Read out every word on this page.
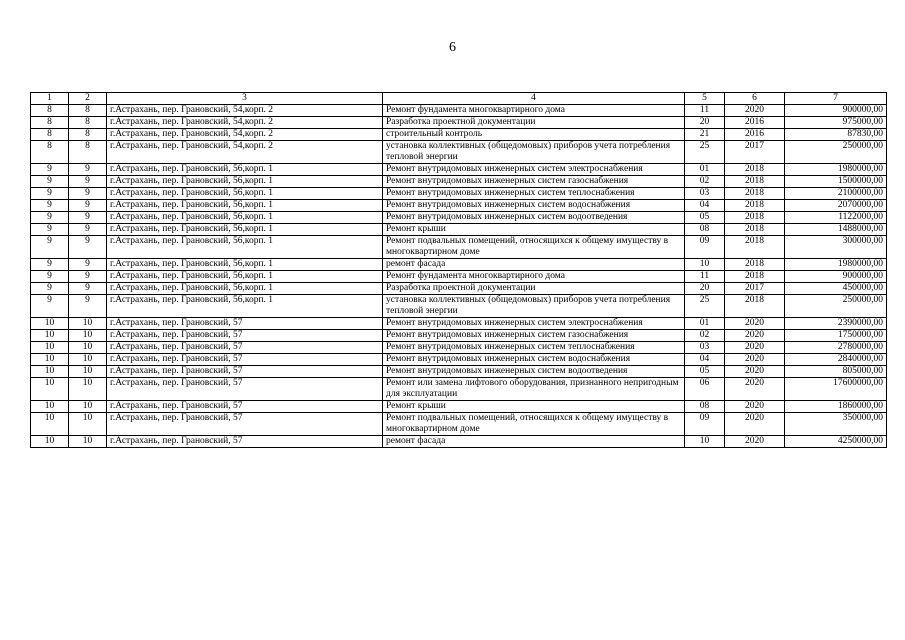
6
1	2	3	4	5	6	7
8	8	г.Астрахань, пер. Грановский, 54,корп. 2	Ремонт фундамента многоквартирного дома	11	2020	900000,00
8	8	г.Астрахань, пер. Грановский, 54,корп. 2	Разработка проектной документации	20	2016	975000,00
8	8	г.Астрахань, пер. Грановский, 54,корп. 2	строительный контроль	21	2016	87830,00
8	8	г.Астрахань, пер. Грановский, 54,корп. 2	установка коллективных (общедомовых) приборов учета потребления тепловой энергии	25	2017	250000,00
9	9	г.Астрахань, пер. Грановский, 56,корп. 1	Ремонт внутридомовых инженерных систем электроснабжения	01	2018	1980000,00
9	9	г.Астрахань, пер. Грановский, 56,корп. 1	Ремонт внутридомовых инженерных систем газоснабжения	02	2018	1500000,00
9	9	г.Астрахань, пер. Грановский, 56,корп. 1	Ремонт внутридомовых инженерных систем теплоснабжения	03	2018	2100000,00
9	9	г.Астрахань, пер. Грановский, 56,корп. 1	Ремонт внутридомовых инженерных систем водоснабжения	04	2018	2070000,00
9	9	г.Астрахань, пер. Грановский, 56,корп. 1	Ремонт внутридомовых инженерных систем водоотведения	05	2018	1122000,00
9	9	г.Астрахань, пер. Грановский, 56,корп. 1	Ремонт крыши	08	2018	1488000,00
9	9	г.Астрахань, пер. Грановский, 56,корп. 1	Ремонт подвальных помещений, относящихся к общему имуществу в многоквартирном доме	09	2018	300000,00
9	9	г.Астрахань, пер. Грановский, 56,корп. 1	ремонт фасада	10	2018	1980000,00
9	9	г.Астрахань, пер. Грановский, 56,корп. 1	Ремонт фундамента многоквартирного дома	11	2018	900000,00
9	9	г.Астрахань, пер. Грановский, 56,корп. 1	Разработка проектной документации	20	2017	450000,00
9	9	г.Астрахань, пер. Грановский, 56,корп. 1	установка коллективных (общедомовых) приборов учета потребления тепловой энергии	25	2018	250000,00
10	10	г.Астрахань, пер. Грановский, 57	Ремонт внутридомовых инженерных систем электроснабжения	01	2020	2390000,00
10	10	г.Астрахань, пер. Грановский, 57	Ремонт внутридомовых инженерных систем газоснабжения	02	2020	1750000,00
10	10	г.Астрахань, пер. Грановский, 57	Ремонт внутридомовых инженерных систем теплоснабжения	03	2020	2780000,00
10	10	г.Астрахань, пер. Грановский, 57	Ремонт внутридомовых инженерных систем водоснабжения	04	2020	2840000,00
10	10	г.Астрахань, пер. Грановский, 57	Ремонт внутридомовых инженерных систем водоотведения	05	2020	805000,00
10	10	г.Астрахань, пер. Грановский, 57	Ремонт или замена лифтового оборудования, признанного непригодным для эксплуатации	06	2020	17600000,00
10	10	г.Астрахань, пер. Грановский, 57	Ремонт крыши	08	2020	1860000,00
10	10	г.Астрахань, пер. Грановский, 57	Ремонт подвальных помещений, относящихся к общему имуществу в многоквартирном доме	09	2020	350000,00
10	10	г.Астрахань, пер. Грановский, 57	ремонт фасада	10	2020	4250000,00
